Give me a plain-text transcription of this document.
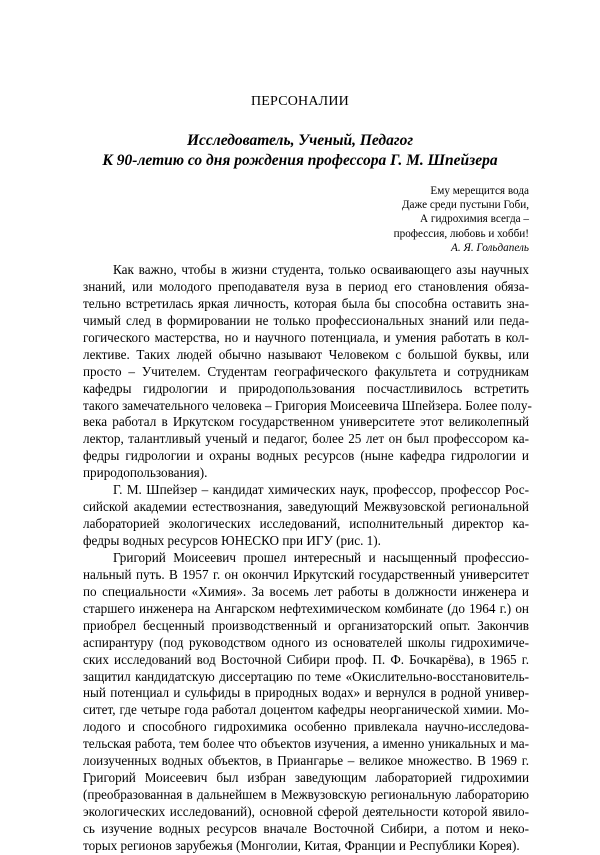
ПЕРСОНАЛИИ
Исследователь, Ученый, Педагог
К 90-летию со дня рождения профессора Г. М. Шпейзера
Ему мерещится вода
Даже среди пустыни Гоби,
А гидрохимия всегда –
профессия, любовь и хобби!
А. Я. Гольдапель
Как важно, чтобы в жизни студента, только осваивающего азы научных
знаний, или молодого преподавателя вуза в период его становления обяза-
тельно встретилась яркая личность, которая была бы способна оставить зна-
чимый след в формировании не только профессиональных знаний или педа-
гогического мастерства, но и научного потенциала, и умения работать в кол-
лективе. Таких людей обычно называют Человеком с большой буквы, или
просто – Учителем. Студентам географического факультета и сотрудникам
кафедры гидрологии и природопользования посчастливилось встретить
такого замечательного человека – Григория Моисеевича Шпейзера. Более полу-
века работал в Иркутском государственном университете этот великолепный
лектор, талантливый ученый и педагог, более 25 лет он был профессором ка-
федры гидрологии и охраны водных ресурсов (ныне кафедра гидрологии и
природопользования).
Г. М. Шпейзер – кандидат химических наук, профессор, профессор Рос-
сийской академии естествознания, заведующий Межвузовской региональной
лабораторией экологических исследований, исполнительный директор ка-
федры водных ресурсов ЮНЕСКО при ИГУ (рис. 1).
Григорий Моисеевич прошел интересный и насыщенный профессио-
нальный путь. В 1957 г. он окончил Иркутский государственный университет
по специальности «Химия». За восемь лет работы в должности инженера и
старшего инженера на Ангарском нефтехимическом комбинате (до 1964 г.) он
приобрел бесценный производственный и организаторский опыт. Закончив
аспирантуру (под руководством одного из основателей школы гидрохимиче-
ских исследований вод Восточной Сибири проф. П. Ф. Бочкарёва), в 1965 г.
защитил кандидатскую диссертацию по теме «Окислительно-восстановитель-
ный потенциал и сульфиды в природных водах» и вернулся в родной универ-
ситет, где четыре года работал доцентом кафедры неорганической химии. Мо-
лодого и способного гидрохимика особенно привлекала научно-исследова-
тельская работа, тем более что объектов изучения, а именно уникальных и ма-
лоизученных водных объектов, в Приангарье – великое множество. В 1969 г.
Григорий Моисеевич был избран заведующим лабораторией гидрохимии
(преобразованная в дальнейшем в Межвузовскую региональную лабораторию
экологических исследований), основной сферой деятельности которой явило-
сь изучение водных ресурсов вначале Восточной Сибири, а потом и неко-
торых регионов зарубежья (Монголии, Китая, Франции и Республики Корея).
